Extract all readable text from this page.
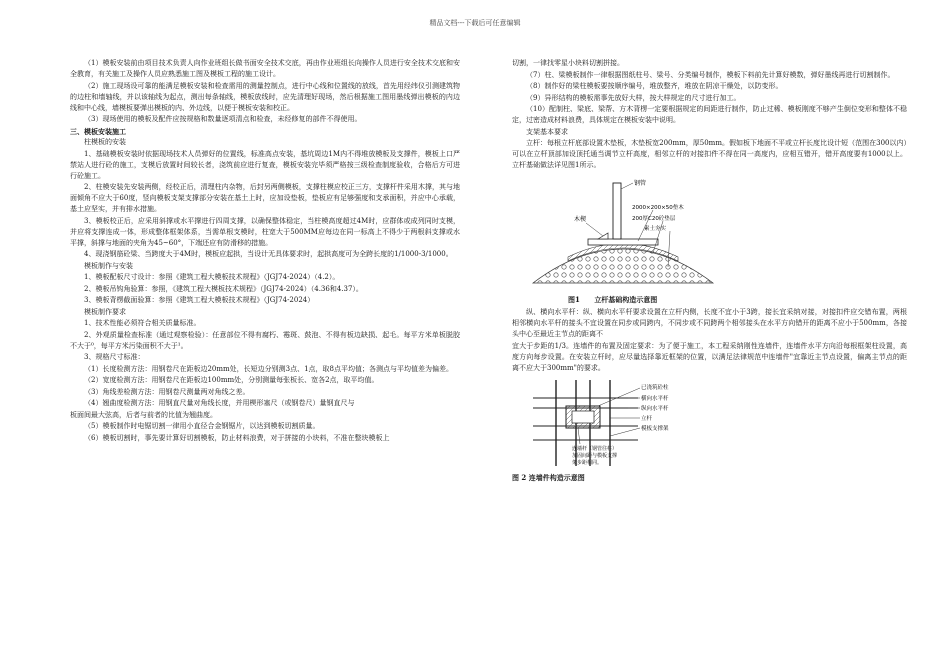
精品文档---下载后可任意编辑

（1）模板安装前由项目技术负责人向作业班组长做书面安全技术交底，再由作业班组长向操作人员进行安全技术交底和安全教育，有关施工及操作人员应熟悉施工图及模板工程的施工设计。

（2）施工现场设可靠的能满足模板安装和检查需用的测量控制点，进行中心线和位置线的放线，首先用经纬仪引测建筑物的边柱和墙轴线，并以该轴线为起点，测出每条轴线，模板放线时，应先清理好现场，然后根据施工图用墨线弹出模板的内边线和中心线，墙模板要弹出模板的内、外边线，以便于模板安装和校正。

（3）现场使用的模板及配件应按规格和数量逐项清点和检查，未经修复的部件不得使用。

三、模板安装施工

柱模板的安装

1、基础模板安装时依据现场技术人员弹好的位置线，标准高点安装，基坑周边1M内不得堆放模板及支撑件，模板上口严禁站人进行砼的施工，支模后放置时间较长者，浇筑前应进行复查，模板安装完毕须严格按三级检查制度验收，合格后方可进行砼施工。

2、柱模安装先安装两侧，经校正后，清理柱内杂物，后封另两侧模板，支撑柱模应校正三方，支撑杆件采用木撑，其与地面倾角不应大于60度，竖向模板支架支撑部分安装在基土上时，应加设垫板，垫板应有足够强度和支承面积，并应中心承载，基土应坚实，并有排水措施。

3、模板校正后，应采用斜撑或水平撑进行四周支撑，以确保整体稳定，当柱模高度超过4M时，应群体或成列同时支模，并应将支撑连成一体，形成整体框架体系，当需单根支模时，柱宽大于500MM应每边在同一标高上不得少于两根斜支撑或水平撑，斜撑与地面的夹角为45~60°，下端还应有防滑移的措施。

4、现浇钢筋砼梁、当跨度大于4M时，模板应起拱，当设计无具体要求时，起拱高度可为全跨长度的1/1000-3/1000。

模板制作与安装

1、模板配板尺寸设计：参照《建筑工程大模板技术规程》（JGJ74-2024）（4.2）。

2、模板吊钩角验算：参照，《建筑工程大模板技术规程》（JGJ74-2024）（4.36和4.37）。

3、模板背楞截面验算：参照《建筑工程大模板技术规程》（JGJ74-2024）

模板制作要求

1、技术性能必须符合相关质量标准。

2、外观质量检查标准（通过观察检验）：任意部位不得有腐朽、霉斑、鼓泡、不得有板边缺损、起毛。每平方米单板脱胶不大于⁰，每平方米污染面积不大于¹。

3、规格尺寸标准：

（1）长度检测方法：用钢卷尺在距板边20mm处，长短边分别测3点、1点，取8点平均值；各测点与平均值差为偏差。

（2）宽度检测方法：用钢卷尺在距板边100mm处，分别测量每张板长、宽各2点，取平均值。

（3）角线差检测方法：用钢卷尺测量两对角线之差。

（4）翘曲度检测方法：用钢直尺量对角线长度，并用楔形塞尺（或钢卷尺）量钢直尺与

板面间最大弦高，后者与前者的比值为翘曲度。

（5）模板制作时电锯切割一律用小直径合金钢锯片，以达到模板切割质量。

（6）模板切割时，事先要计算好切割模板，防止材料浪费，对于拼接的小块料，不准在整块模板上

切割，一律找零星小块料切割拼接。

（7）柱、梁模板制作一律根据图纸柱号、梁号、分类编号制作，模板下料前先计算好模数，弹好墨线再进行切割制作。

（8）制作好的梁柱模板要按顺序编号，堆放整齐，堆放在阴凉干燥处，以防变形。

（9）异形结构的模板需事先放好大样，按大样规定的尺寸进行加工。

（10）配制柱、梁底、梁帮、方木背楞一定要根据规定的间距进行制作，防止过稀、模板刚度不够产生倒位变形和整体不稳定，过密造成材料浪费，具体规定在模板安装中说明。

支架基本要求

立杆：每根立杆底部设置木垫板，木垫板宽200mm，厚50mm。假如板下地面不平或立杆长度比设计短（范围在300以内）可以在立杆顶部加设顶托通当调节立杆高度，相邻立杆的对接扣件不得在同一高度内，应相互错开，错开高度要有1000以上。立杆基础做法详见图1所示。

钢管
2000×200×50垫木
木楔	200厚C20砼垫层
素土夯实
图1 立杆基础构造示意图

纵、横向水平杆：纵、横向水平杆要求设置在立杆内侧，长度不宜小于3跨，接长宜采纳对接，对接扣件应交错布置，两根相邻横向水平杆的接头不宜设置在同步或同跨内，不同步或不同跨两个相邻接头在水平方向错开的距离不应小于500mm，各接头中心至最近主节点的距离不

宜大于步距的1/3。连墙件的布置及固定要求：为了便于施工，本工程采纳刚性连墙件，连墙件水平方向沿每根框架柱设置，高度方向每步设置。在安装立杆时，应尽量选择靠近框架的位置，以满足法律规范中连墙件"宜靠近主节点设置，偏离主节点的距离不应大于300mm"的要求。

已浇筑砼柱
横向水平杆
纵向水平杆
立杆
模板支撑架
连墙杆（钢管往柱）
加固间距与模板支撑
架步距相同。
图 2 连墙件构造示意图
